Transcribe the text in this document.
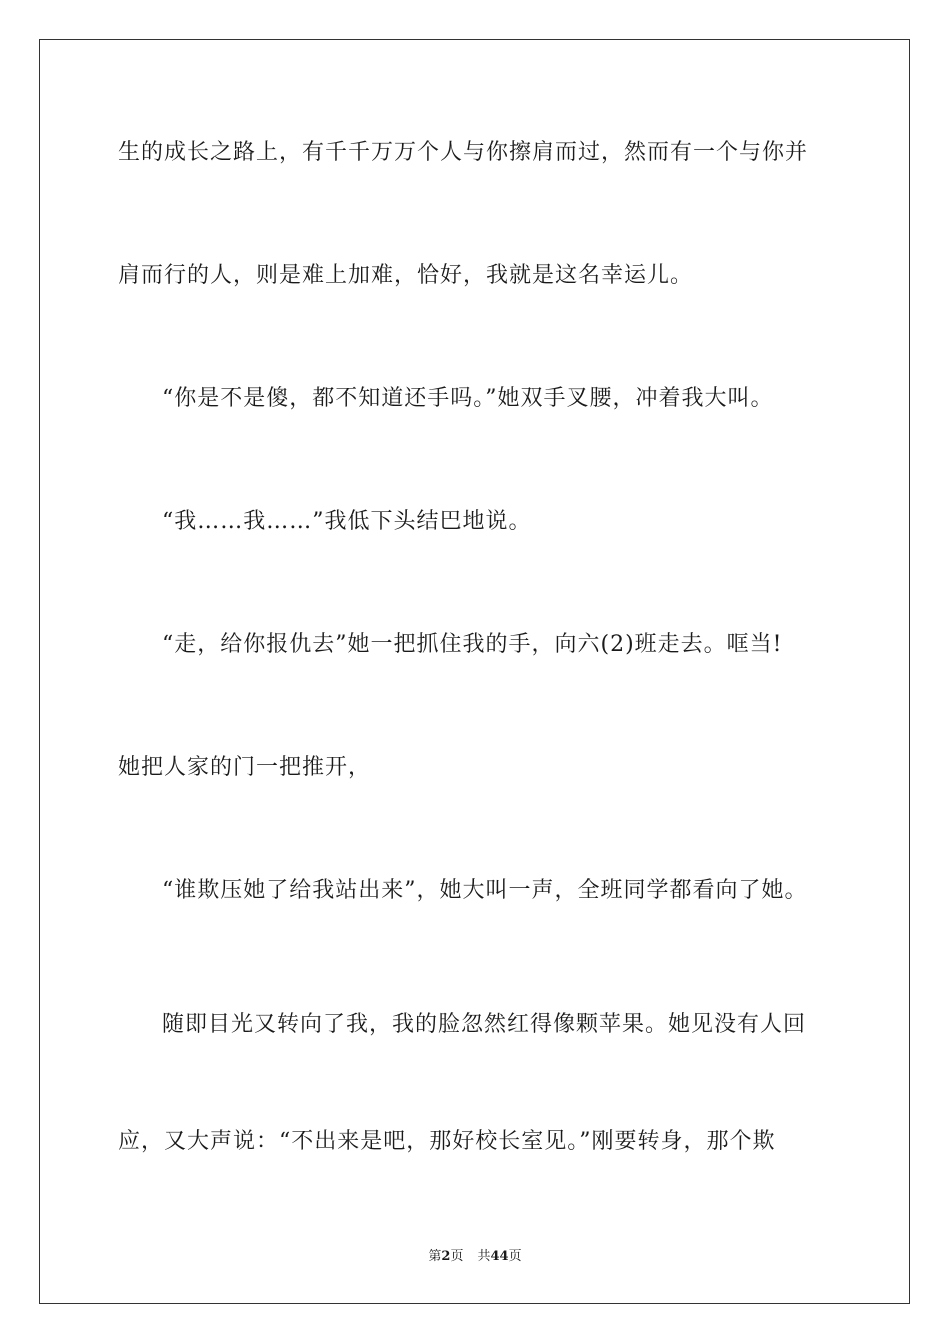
生的成长之路上，有千千万万个人与你擦肩而过，然而有一个与你并
肩而行的人，则是难上加难，恰好，我就是这名幸运儿。
“你是不是傻，都不知道还手吗。”她双手叉腰，冲着我大叫。
“我……我……”我低下头结巴地说。
“走，给你报仇去”她一把抓住我的手，向六(2)班走去。哐当!
她把人家的门一把推开，
“谁欺压她了给我站出来”，她大叫一声，全班同学都看向了她。
随即目光又转向了我，我的脸忽然红得像颗苹果。她见没有人回
应，又大声说：“不出来是吧，那好校长室见。”刚要转身，那个欺
第2页 共44页
